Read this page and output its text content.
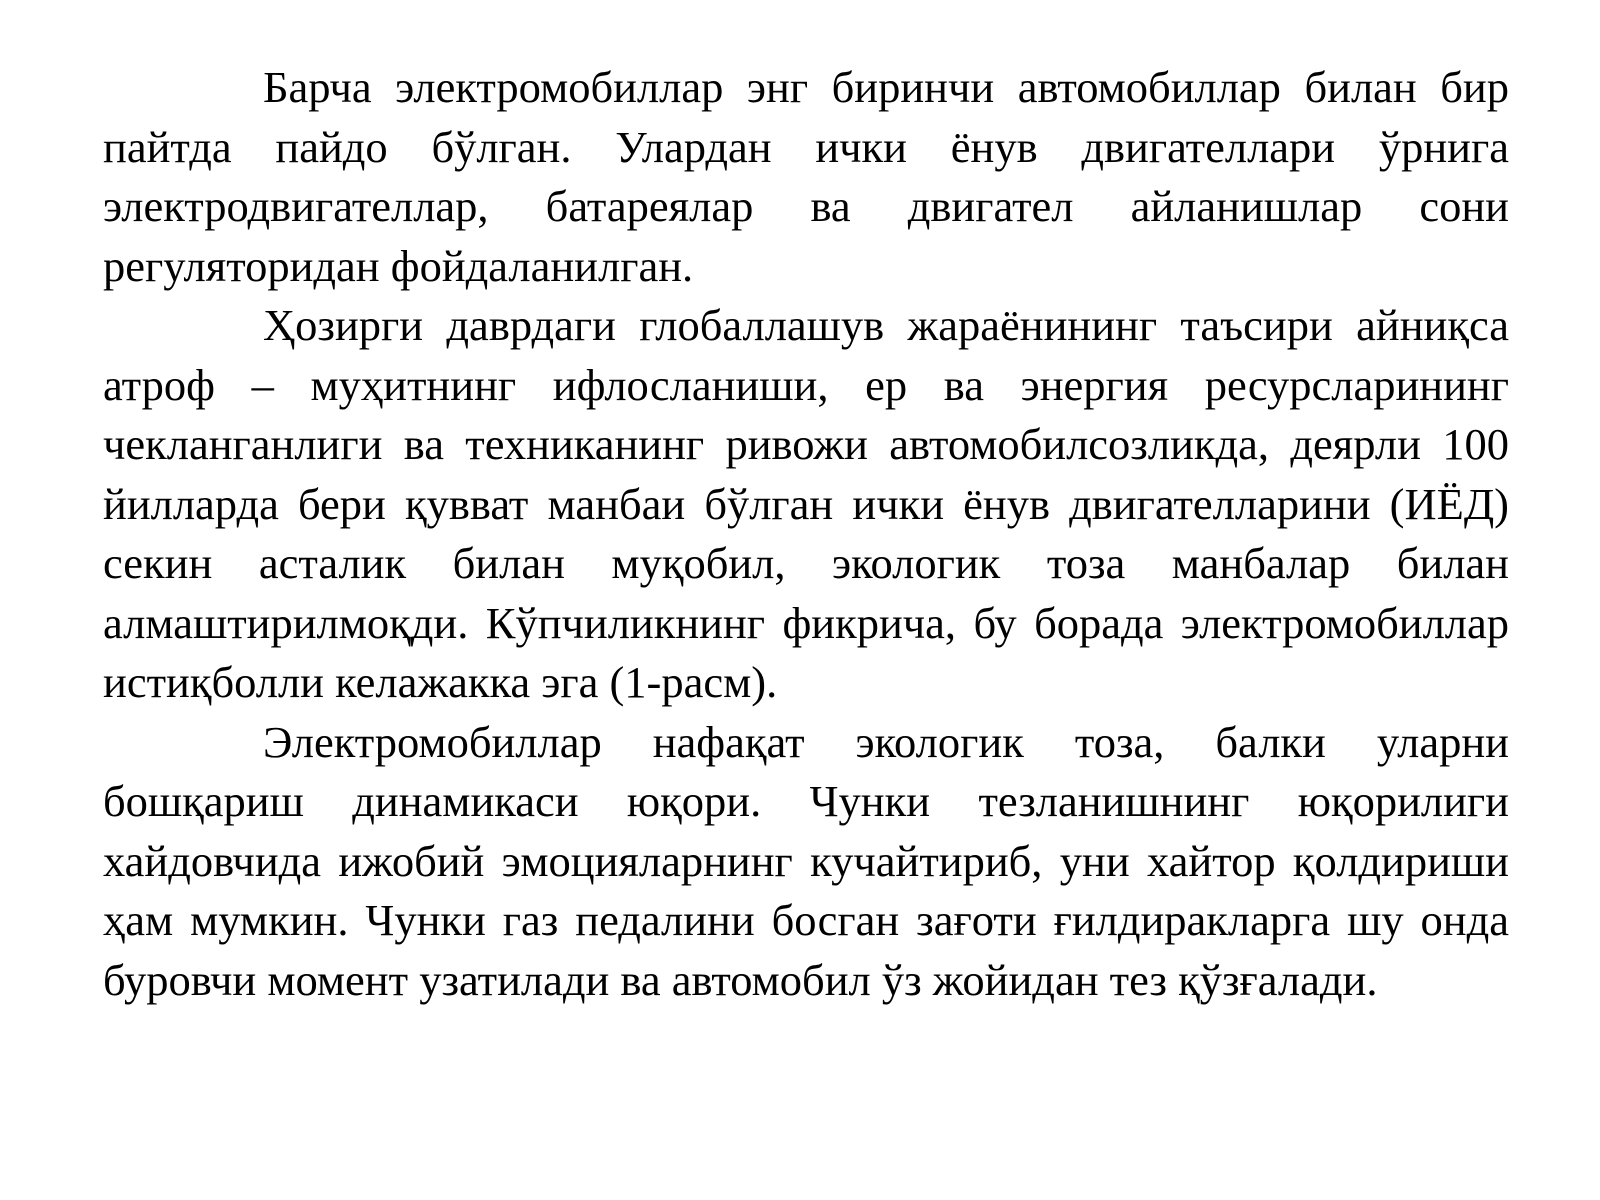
Барча электромобиллар энг биринчи автомобиллар билан бир пайтда пайдо бўлган. Улардан ички ёнув двигателлари ўрнига электродвигателлар, батареялар ва двигател айланишлар сони регуляторидан фойдаланилган.

Ҳозирги даврдаги глобаллашув жараёнининг таъсири айниқса атроф – муҳитнинг ифлосланиши, ер ва энергия ресурсларининг чекланганлиги ва техниканинг ривожи автомобилсозликда, деярли 100 йилларда бери қувват манбаи бўлган ички ёнув двигателларини (ИЁД) секин асталик билан муқобил, экологик тоза манбалар билан алмаштирилмоқди. Кўпчиликнинг фикрича, бу борада электромобиллар истиқболли келажакка эга (1-расм).

Электромобиллар нафақат экологик тоза, балки уларни бошқариш динамикаси юқори. Чунки тезланишнинг юқорилиги хайдовчида ижобий эмоцияларнинг кучайтириб, уни хайтор қолдириши ҳам мумкин. Чунки газ педалини босган зағоти ғилдиракларга шу онда буровчи момент узатилади ва автомобил ўз жойидан тез қўзғалади.
